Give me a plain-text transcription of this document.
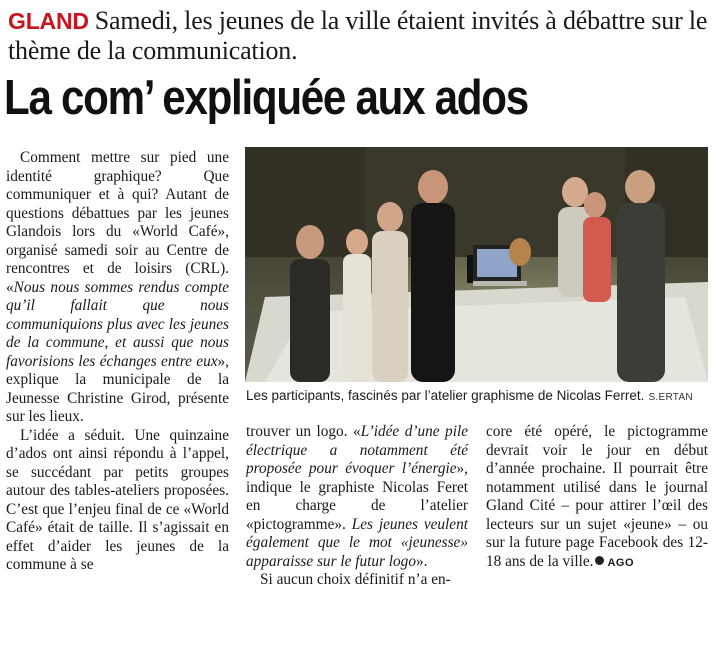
GLAND Samedi, les jeunes de la ville étaient invités à débattre sur le thème de la communication.
La com’ expliquée aux ados

Comment mettre sur pied une identité graphique? Que communiquer et à qui? Autant de questions débattues par les jeunes Glandois lors du «World Café», organisé samedi soir au Centre de rencontres et de loisirs (CRL). «Nous nous sommes rendus compte qu’il fallait que nous communiquions plus avec les jeunes de la commune, et aussi que nous favorisions les échanges entre eux», explique la municipale de la Jeunesse Christine Girod, présente sur les lieux.

L’idée a séduit. Une quinzaine d’ados ont ainsi répondu à l’appel, se succédant par petits groupes autour des tables-ateliers proposées. C’est que l’enjeu final de ce «World Café» était de taille. Il s’agissait en effet d’aider les jeunes de la commune à se

Les participants, fascinés par l’atelier graphisme de Nicolas Ferret. S.ERTAN

trouver un logo. «L’idée d’une pile électrique a notamment été proposée pour évoquer l’énergie», indique le graphiste Nicolas Feret en charge de l’atelier «pictogramme». Les jeunes veulent également que le mot «jeunesse» apparaisse sur le futur logo».

Si aucun choix définitif n’a en-

core été opéré, le pictogramme devrait voir le jour en début d’année prochaine. Il pourrait être notamment utilisé dans le journal Gland Cité – pour attirer l’œil des lecteurs sur un sujet «jeune» – ou sur la future page Facebook des 12-18 ans de la ville. AGO
